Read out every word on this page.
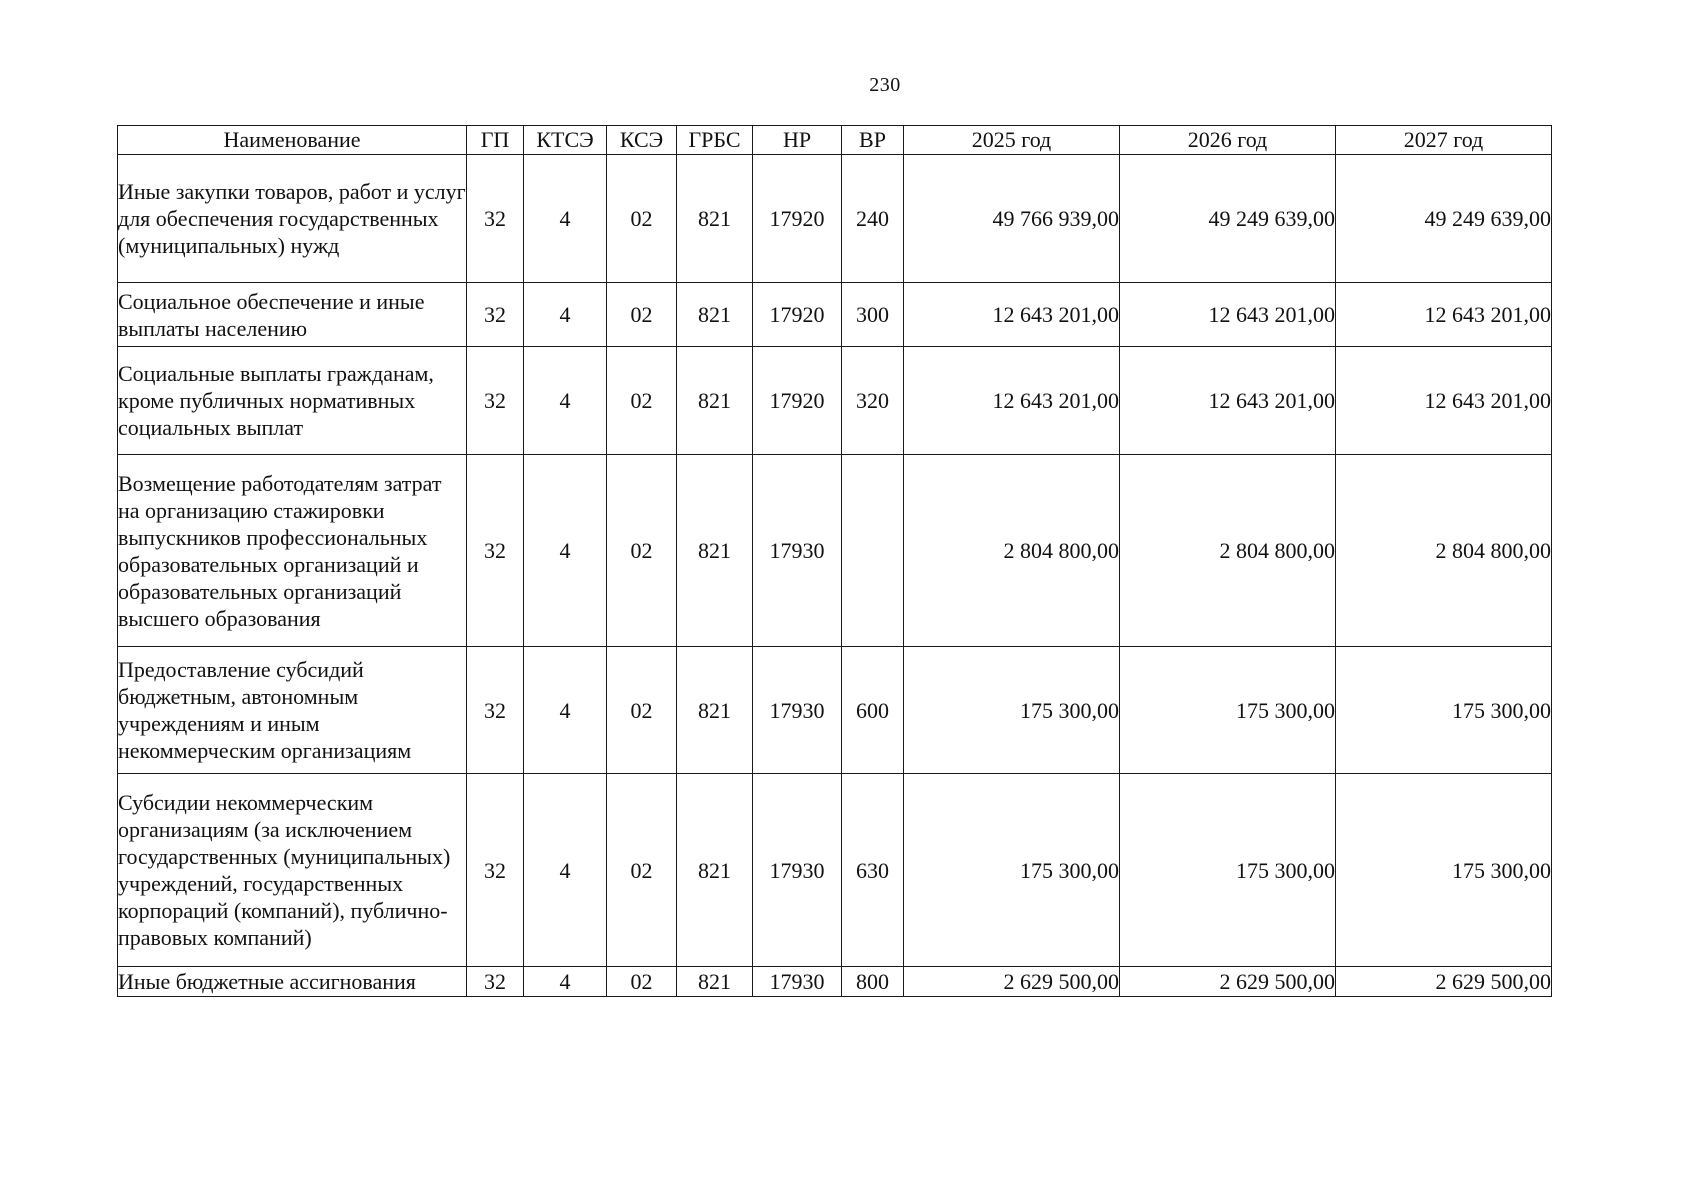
230
Наименование	ГП	КТСЭ	КСЭ	ГРБС	НР	ВР	2025 год	2026 год	2027 год
Иные закупки товаров, работ и услуг для обеспечения государственных (муниципальных) нужд	32	4	02	821	17920	240	49 766 939,00	49 249 639,00	49 249 639,00
Социальное обеспечение и иные выплаты населению	32	4	02	821	17920	300	12 643 201,00	12 643 201,00	12 643 201,00
Социальные выплаты гражданам, кроме публичных нормативных социальных выплат	32	4	02	821	17920	320	12 643 201,00	12 643 201,00	12 643 201,00
Возмещение работодателям затрат на организацию стажировки выпускников профессиональных образовательных организаций и образовательных организаций высшего образования	32	4	02	821	17930		2 804 800,00	2 804 800,00	2 804 800,00
Предоставление субсидий бюджетным, автономным учреждениям и иным некоммерческим организациям	32	4	02	821	17930	600	175 300,00	175 300,00	175 300,00
Субсидии некоммерческим организациям (за исключением государственных (муниципальных) учреждений, государственных корпораций (компаний), публично-правовых компаний)	32	4	02	821	17930	630	175 300,00	175 300,00	175 300,00
Иные бюджетные ассигнования	32	4	02	821	17930	800	2 629 500,00	2 629 500,00	2 629 500,00
